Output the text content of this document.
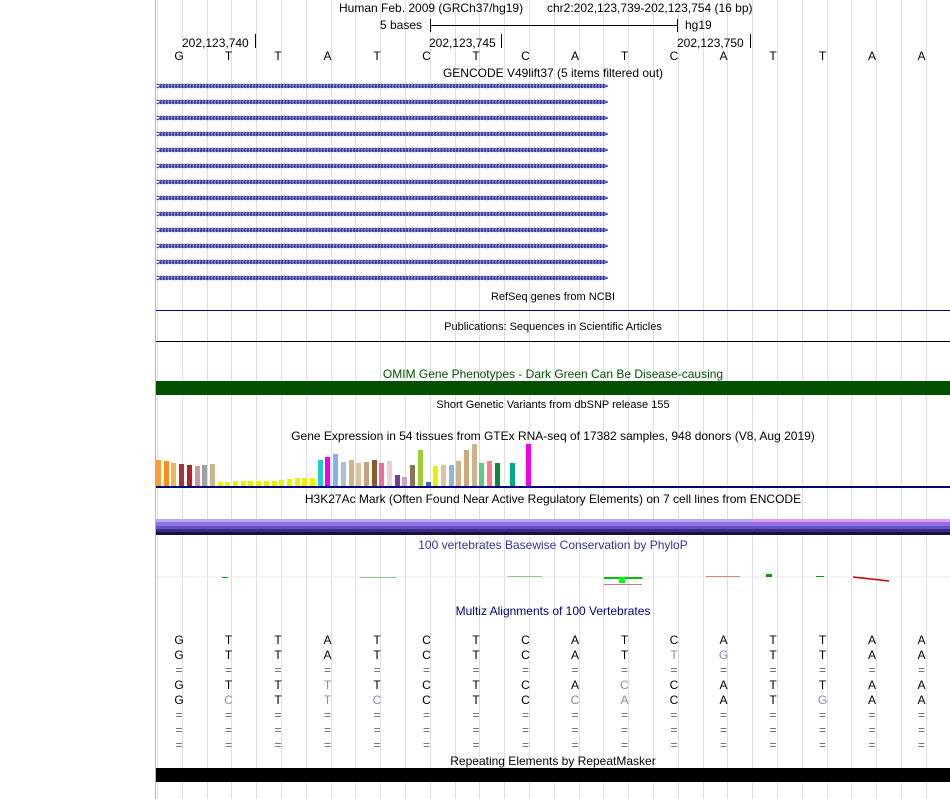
Human Feb. 2009 (GRCh37/hg19) chr2:202,123,739-202,123,754 (16 bp)
5 bases	hg19
202,123,740	202,123,745	202,123,750
G	T	T	A	T	C	T	C	A	T	C	A	T	T	A	A
GENCODE V49lift37 (5 items filtered out)
>>>>>>>>>>>>>>>>>>>>>>>>>>>>>>>>>>>>>>>>>>>>>>>>>>>>>>>>>>>>>>>>>>>>>>>>>>>>>>>>>>>>>>>>>>>>>>>>>>>>>>>>>>>>>>>>>>>>>>>>>>>>>>>>>>>>>>>>>>>>>>>>
>>>>>>>>>>>>>>>>>>>>>>>>>>>>>>>>>>>>>>>>>>>>>>>>>>>>>>>>>>>>>>>>>>>>>>>>>>>>>>>>>>>>>>>>>>>>>>>>>>>>>>>>>>>>>>>>>>>>>>>>>>>>>>>>>>>>>>>>>>>>>>>>
>>>>>>>>>>>>>>>>>>>>>>>>>>>>>>>>>>>>>>>>>>>>>>>>>>>>>>>>>>>>>>>>>>>>>>>>>>>>>>>>>>>>>>>>>>>>>>>>>>>>>>>>>>>>>>>>>>>>>>>>>>>>>>>>>>>>>>>>>>>>>>>>
>>>>>>>>>>>>>>>>>>>>>>>>>>>>>>>>>>>>>>>>>>>>>>>>>>>>>>>>>>>>>>>>>>>>>>>>>>>>>>>>>>>>>>>>>>>>>>>>>>>>>>>>>>>>>>>>>>>>>>>>>>>>>>>>>>>>>>>>>>>>>>>>
>>>>>>>>>>>>>>>>>>>>>>>>>>>>>>>>>>>>>>>>>>>>>>>>>>>>>>>>>>>>>>>>>>>>>>>>>>>>>>>>>>>>>>>>>>>>>>>>>>>>>>>>>>>>>>>>>>>>>>>>>>>>>>>>>>>>>>>>>>>>>>>>
>>>>>>>>>>>>>>>>>>>>>>>>>>>>>>>>>>>>>>>>>>>>>>>>>>>>>>>>>>>>>>>>>>>>>>>>>>>>>>>>>>>>>>>>>>>>>>>>>>>>>>>>>>>>>>>>>>>>>>>>>>>>>>>>>>>>>>>>>>>>>>>>
>>>>>>>>>>>>>>>>>>>>>>>>>>>>>>>>>>>>>>>>>>>>>>>>>>>>>>>>>>>>>>>>>>>>>>>>>>>>>>>>>>>>>>>>>>>>>>>>>>>>>>>>>>>>>>>>>>>>>>>>>>>>>>>>>>>>>>>>>>>>>>>>
>>>>>>>>>>>>>>>>>>>>>>>>>>>>>>>>>>>>>>>>>>>>>>>>>>>>>>>>>>>>>>>>>>>>>>>>>>>>>>>>>>>>>>>>>>>>>>>>>>>>>>>>>>>>>>>>>>>>>>>>>>>>>>>>>>>>>>>>>>>>>>>>
>>>>>>>>>>>>>>>>>>>>>>>>>>>>>>>>>>>>>>>>>>>>>>>>>>>>>>>>>>>>>>>>>>>>>>>>>>>>>>>>>>>>>>>>>>>>>>>>>>>>>>>>>>>>>>>>>>>>>>>>>>>>>>>>>>>>>>>>>>>>>>>>
>>>>>>>>>>>>>>>>>>>>>>>>>>>>>>>>>>>>>>>>>>>>>>>>>>>>>>>>>>>>>>>>>>>>>>>>>>>>>>>>>>>>>>>>>>>>>>>>>>>>>>>>>>>>>>>>>>>>>>>>>>>>>>>>>>>>>>>>>>>>>>>>
>>>>>>>>>>>>>>>>>>>>>>>>>>>>>>>>>>>>>>>>>>>>>>>>>>>>>>>>>>>>>>>>>>>>>>>>>>>>>>>>>>>>>>>>>>>>>>>>>>>>>>>>>>>>>>>>>>>>>>>>>>>>>>>>>>>>>>>>>>>>>>>>
>>>>>>>>>>>>>>>>>>>>>>>>>>>>>>>>>>>>>>>>>>>>>>>>>>>>>>>>>>>>>>>>>>>>>>>>>>>>>>>>>>>>>>>>>>>>>>>>>>>>>>>>>>>>>>>>>>>>>>>>>>>>>>>>>>>>>>>>>>>>>>>>
>>>>>>>>>>>>>>>>>>>>>>>>>>>>>>>>>>>>>>>>>>>>>>>>>>>>>>>>>>>>>>>>>>>>>>>>>>>>>>>>>>>>>>>>>>>>>>>>>>>>>>>>>>>>>>>>>>>>>>>>>>>>>>>>>>>>>>>>>>>>>>>>
RefSeq genes from NCBI
Publications: Sequences in Scientific Articles
OMIM Gene Phenotypes - Dark Green Can Be Disease-causing
Short Genetic Variants from dbSNP release 155
Gene Expression in 54 tissues from GTEx RNA-seq of 17382 samples, 948 donors (V8, Aug 2019)
H3K27Ac Mark (Often Found Near Active Regulatory Elements) on 7 cell lines from ENCODE
100 vertebrates Basewise Conservation by PhyloP
Multiz Alignments of 100 Vertebrates
G	T	T	A	T	C	T	C	A	T	C	A	T	T	A	A
G	T	T	A	T	C	T	C	A	T	T	G	T	T	A	A
=	=	=	=	=	=	=	=	=	=	=	=	=	=	=	=
G	T	T	T	T	C	T	C	A	C	C	A	T	T	A	A
G	C	T	T	C	C	T	C	C	A	C	A	T	G	A	A
=	=	=	=	=	=	=	=	=	=	=	=	=	=	=	=
=	=	=	=	=	=	=	=	=	=	=	=	=	=	=	=
=	=	=	=	=	=	=	=	=	=	=	=	=	=	=	=
Repeating Elements by RepeatMasker
